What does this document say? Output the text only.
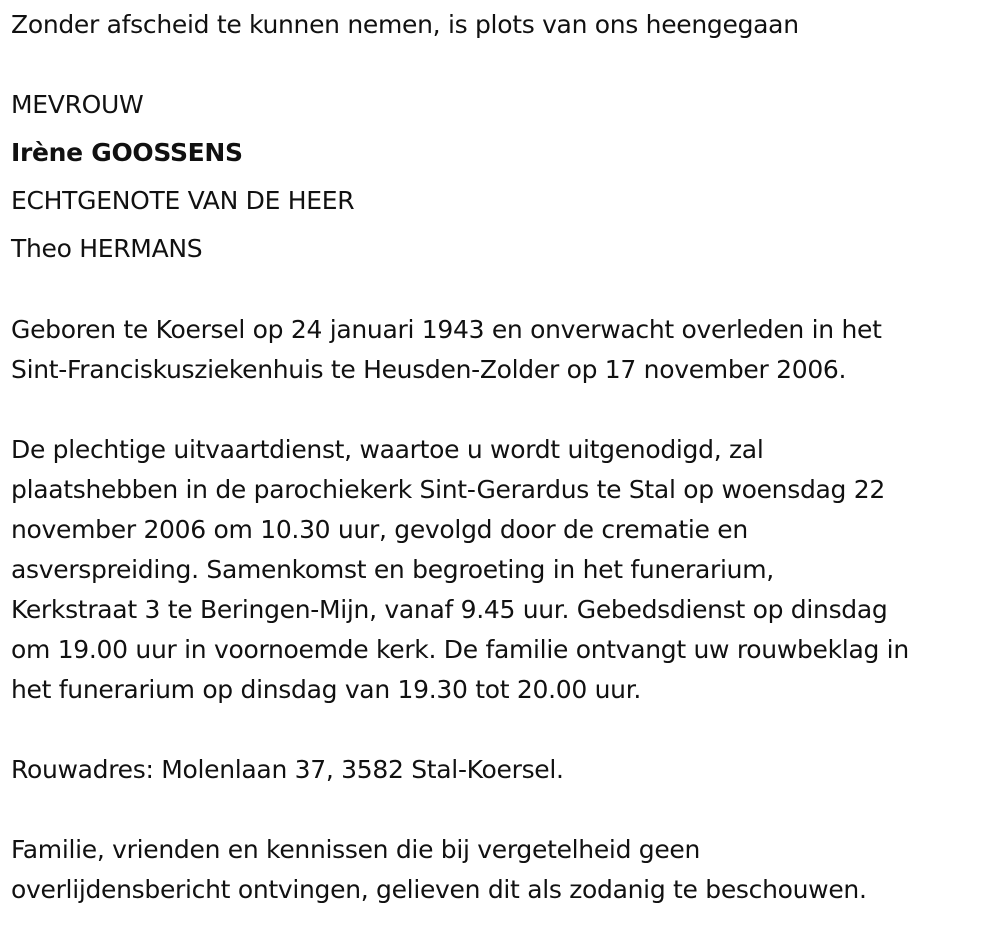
Zonder afscheid te kunnen nemen, is plots van ons heengegaan

MEVROUW

Irène GOOSSENS

ECHTGENOTE VAN DE HEER

Theo HERMANS

Geboren te Koersel op 24 januari 1943 en onverwacht overleden in het
Sint-Franciskusziekenhuis te Heusden-Zolder op 17 november 2006.
De plechtige uitvaartdienst, waartoe u wordt uitgenodigd, zal
plaatshebben in de parochiekerk Sint-Gerardus te Stal op woensdag 22
november 2006 om 10.30 uur, gevolgd door de crematie en
asverspreiding. Samenkomst en begroeting in het funerarium,
Kerkstraat 3 te Beringen-Mijn, vanaf 9.45 uur. Gebedsdienst op dinsdag
om 19.00 uur in voornoemde kerk. De familie ontvangt uw rouwbeklag in
het funerarium op dinsdag van 19.30 tot 20.00 uur.
Rouwadres: Molenlaan 37, 3582 Stal-Koersel.
Familie, vrienden en kennissen die bij vergetelheid geen
overlijdensbericht ontvingen, gelieven dit als zodanig te beschouwen.
